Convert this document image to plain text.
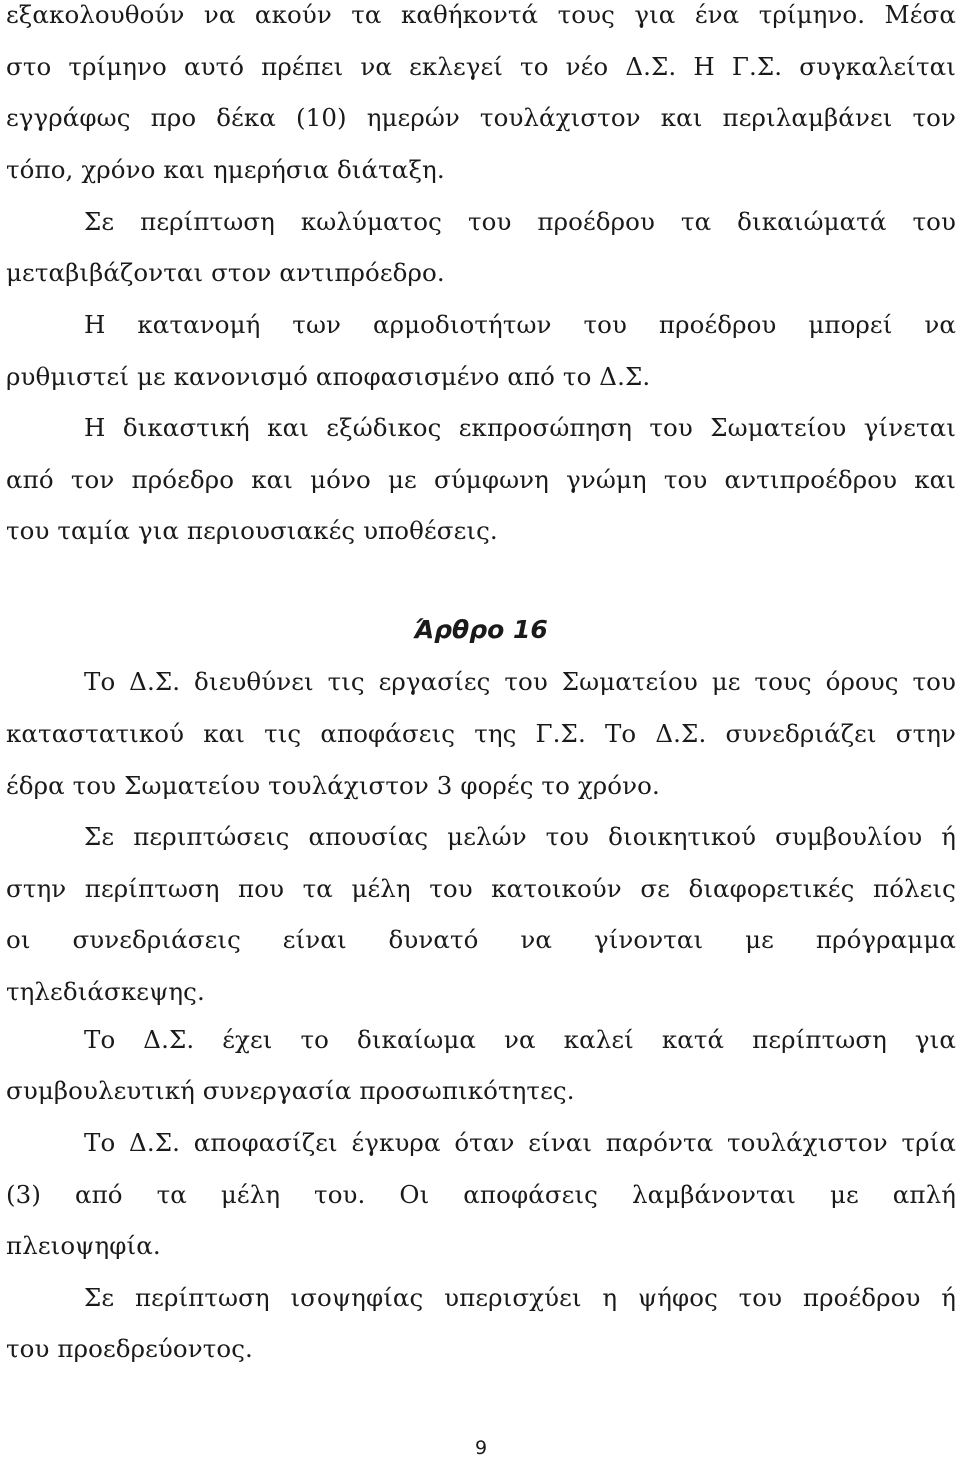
εξακολουθούν να ακούν τα καθήκοντά τους για ένα τρίμηνο. Μέσα
στο τρίμηνο αυτό πρέπει να εκλεγεί το νέο Δ.Σ. Η Γ.Σ. συγκαλείται
εγγράφως προ δέκα (10) ημερών τουλάχιστον και περιλαμβάνει τον
τόπο, χρόνο και ημερήσια διάταξη.
Σε περίπτωση κωλύματος του προέδρου τα δικαιώματά του
μεταβιβάζονται στον αντιπρόεδρο.
Η κατανομή των αρμοδιοτήτων του προέδρου μπορεί να
ρυθμιστεί με κανονισμό αποφασισμένο από το Δ.Σ.
Η δικαστική και εξώδικος εκπροσώπηση του Σωματείου γίνεται
από τον πρόεδρο και μόνο με σύμφωνη γνώμη του αντιπροέδρου και
του ταμία για περιουσιακές υποθέσεις.
Άρθρο 16
Το Δ.Σ. διευθύνει τις εργασίες του Σωματείου με τους όρους του
καταστατικού και τις αποφάσεις της Γ.Σ. Το Δ.Σ. συνεδριάζει στην
έδρα του Σωματείου τουλάχιστον 3 φορές το χρόνο.
Σε περιπτώσεις απουσίας μελών του διοικητικού συμβουλίου ή
στην περίπτωση που τα μέλη του κατοικούν σε διαφορετικές πόλεις
οι συνεδριάσεις είναι δυνατό να γίνονται με πρόγραμμα
τηλεδιάσκεψης.
Το Δ.Σ. έχει το δικαίωμα να καλεί κατά περίπτωση για
συμβουλευτική συνεργασία προσωπικότητες.
Το Δ.Σ. αποφασίζει έγκυρα όταν είναι παρόντα τουλάχιστον τρία
(3) από τα μέλη του. Οι αποφάσεις λαμβάνονται με απλή
πλειοψηφία.
Σε περίπτωση ισοψηφίας υπερισχύει η ψήφος του προέδρου ή
του προεδρεύοντος.
9
